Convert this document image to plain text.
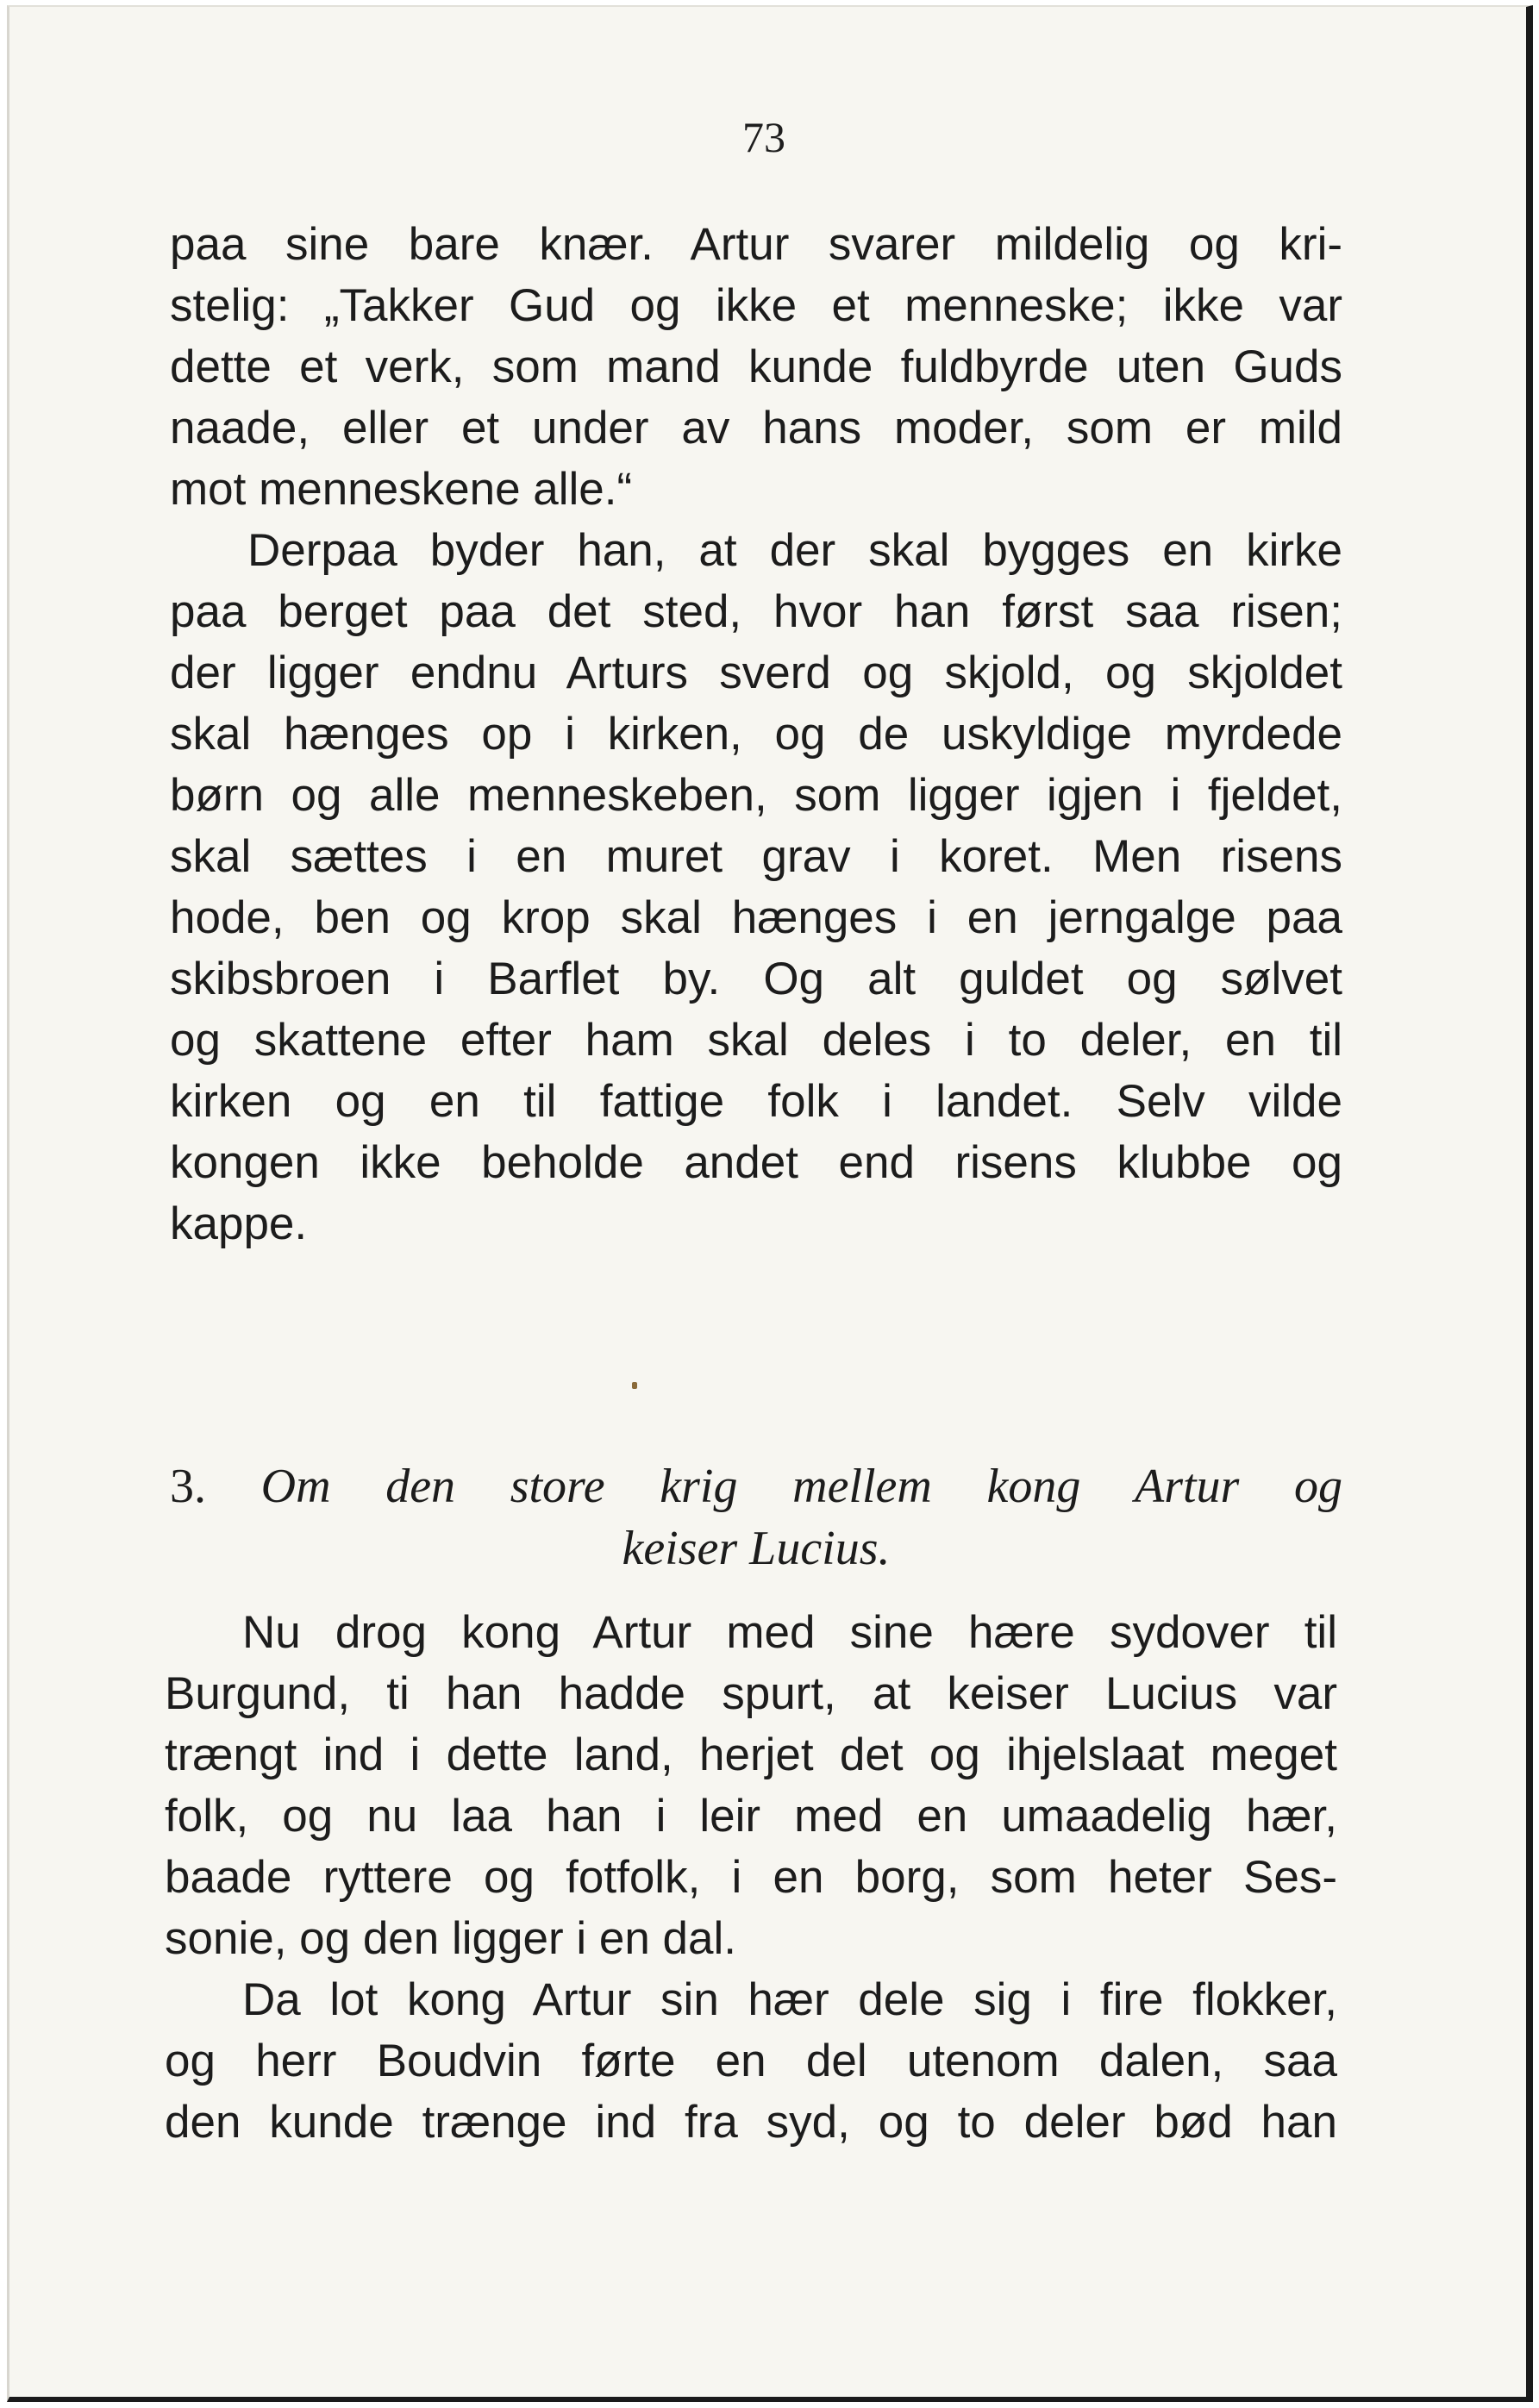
73
paa sine bare knær. Artur svarer mildelig og kri-
stelig: „Takker Gud og ikke et menneske; ikke var
dette et verk, som mand kunde fuldbyrde uten Guds
naade, eller et under av hans moder, som er mild
mot menneskene alle.“
Derpaa byder han, at der skal bygges en kirke
paa berget paa det sted, hvor han først saa risen;
der ligger endnu Arturs sverd og skjold, og skjoldet
skal hænges op i kirken, og de uskyldige myrdede
børn og alle menneskeben, som ligger igjen i fjeldet,
skal sættes i en muret grav i koret. Men risens
hode, ben og krop skal hænges i en jerngalge paa
skibsbroen i Barflet by. Og alt guldet og sølvet
og skattene efter ham skal deles i to deler, en til
kirken og en til fattige folk i landet. Selv vilde
kongen ikke beholde andet end risens klubbe og
kappe.
3. Om den store krig mellem kong Artur og
keiser Lucius.
Nu drog kong Artur med sine hære sydover til
Burgund, ti han hadde spurt, at keiser Lucius var
trængt ind i dette land, herjet det og ihjelslaat meget
folk, og nu laa han i leir med en umaadelig hær,
baade ryttere og fotfolk, i en borg, som heter Ses-
sonie, og den ligger i en dal.
Da lot kong Artur sin hær dele sig i fire flokker,
og herr Boudvin førte en del utenom dalen, saa
den kunde trænge ind fra syd, og to deler bød han
